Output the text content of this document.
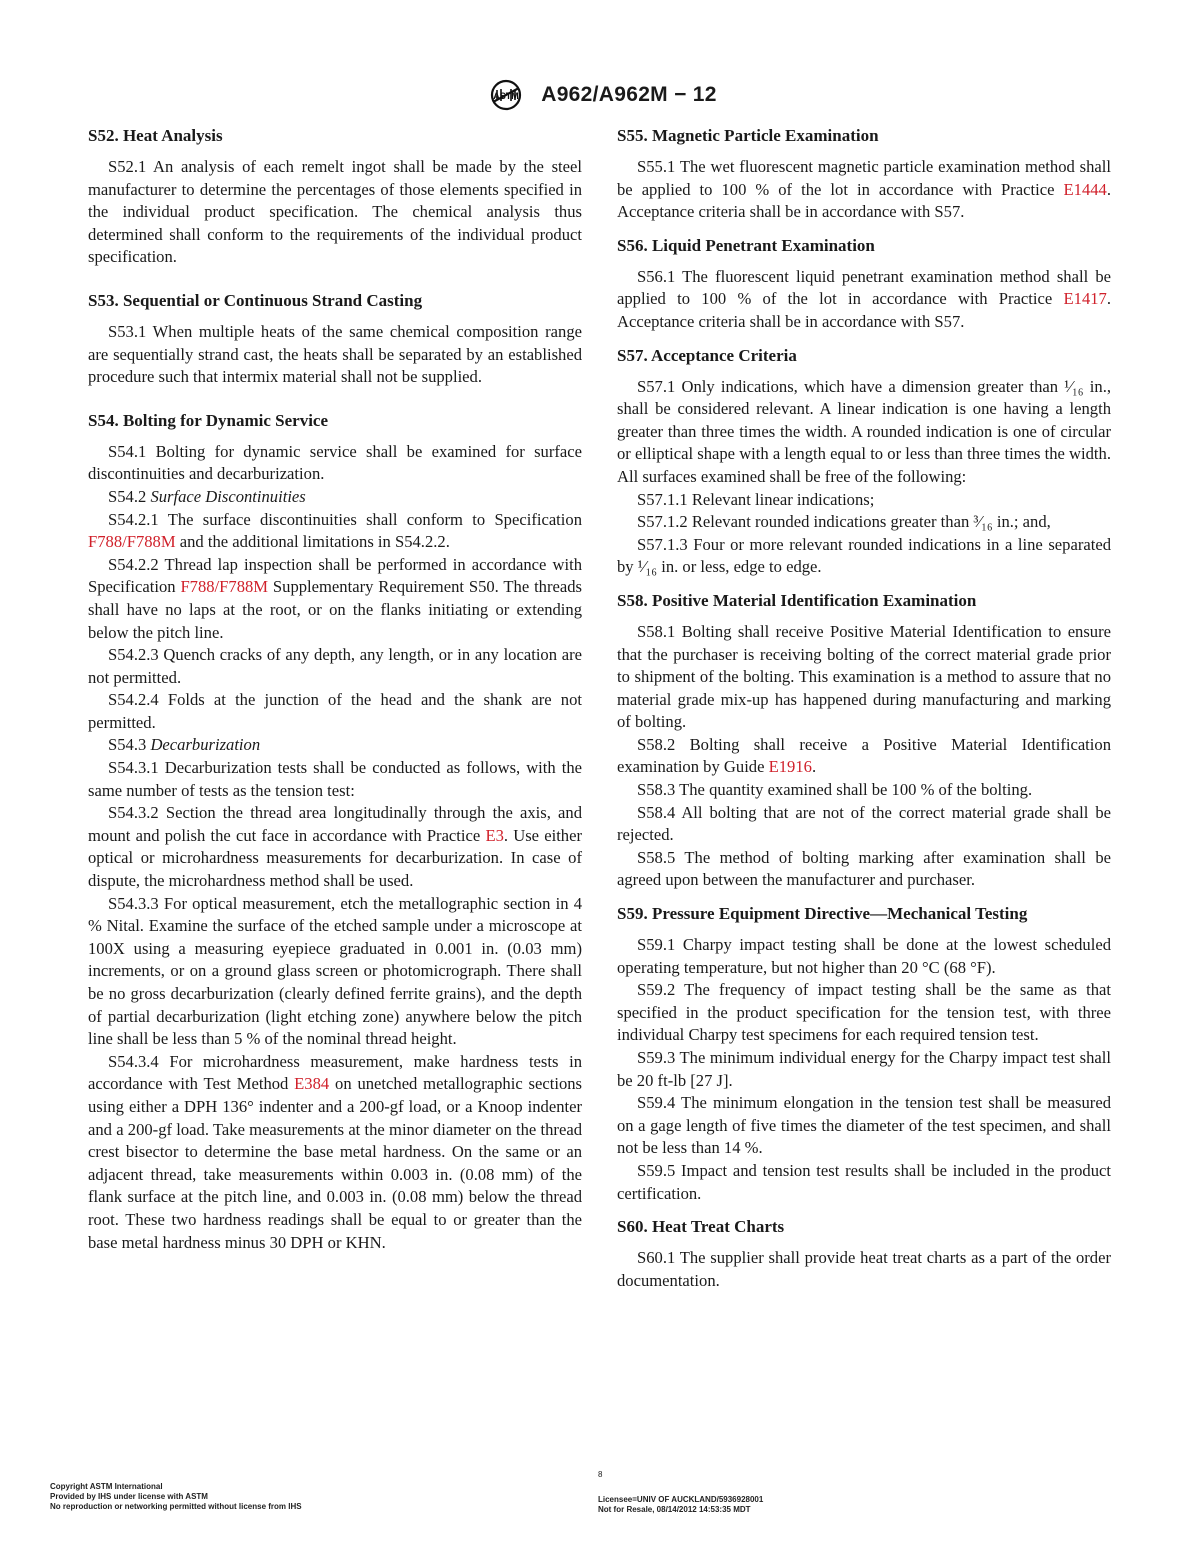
ASTM A962/A962M − 12
S52. Heat Analysis

S52.1 An analysis of each remelt ingot shall be made by the steel manufacturer to determine the percentages of those elements specified in the individual product specification. The chemical analysis thus determined shall conform to the requirements of the individual product specification.

S53. Sequential or Continuous Strand Casting

S53.1 When multiple heats of the same chemical composition range are sequentially strand cast, the heats shall be separated by an established procedure such that intermix material shall not be supplied.

S54. Bolting for Dynamic Service

S54.1 Bolting for dynamic service shall be examined for surface discontinuities and decarburization.

S54.2 Surface Discontinuities

S54.2.1 The surface discontinuities shall conform to Specification F788/F788M and the additional limitations in S54.2.2.

S54.2.2 Thread lap inspection shall be performed in accordance with Specification F788/F788M Supplementary Requirement S50. The threads shall have no laps at the root, or on the flanks initiating or extending below the pitch line.

S54.2.3 Quench cracks of any depth, any length, or in any location are not permitted.

S54.2.4 Folds at the junction of the head and the shank are not permitted.

S54.3 Decarburization

S54.3.1 Decarburization tests shall be conducted as follows, with the same number of tests as the tension test:

S54.3.2 Section the thread area longitudinally through the axis, and mount and polish the cut face in accordance with Practice E3. Use either optical or microhardness measurements for decarburization. In case of dispute, the microhardness method shall be used.

S54.3.3 For optical measurement, etch the metallographic section in 4 % Nital. Examine the surface of the etched sample under a microscope at 100X using a measuring eyepiece graduated in 0.001 in. (0.03 mm) increments, or on a ground glass screen or photomicrograph. There shall be no gross decarburization (clearly defined ferrite grains), and the depth of partial decarburization (light etching zone) anywhere below the pitch line shall be less than 5 % of the nominal thread height.

S54.3.4 For microhardness measurement, make hardness tests in accordance with Test Method E384 on unetched metallographic sections using either a DPH 136° indenter and a 200-gf load, or a Knoop indenter and a 200-gf load. Take measurements at the minor diameter on the thread crest bisector to determine the base metal hardness. On the same or an adjacent thread, take measurements within 0.003 in. (0.08 mm) of the flank surface at the pitch line, and 0.003 in. (0.08 mm) below the thread root. These two hardness readings shall be equal to or greater than the base metal hardness minus 30 DPH or KHN.

S55. Magnetic Particle Examination

S55.1 The wet fluorescent magnetic particle examination method shall be applied to 100 % of the lot in accordance with Practice E1444. Acceptance criteria shall be in accordance with S57.

S56. Liquid Penetrant Examination

S56.1 The fluorescent liquid penetrant examination method shall be applied to 100 % of the lot in accordance with Practice E1417. Acceptance criteria shall be in accordance with S57.

S57. Acceptance Criteria

S57.1 Only indications, which have a dimension greater than ¹⁄₁₆ in., shall be considered relevant. A linear indication is one having a length greater than three times the width. A rounded indication is one of circular or elliptical shape with a length equal to or less than three times the width. All surfaces examined shall be free of the following:

S57.1.1 Relevant linear indications;

S57.1.2 Relevant rounded indications greater than ³⁄₁₆ in.; and,

S57.1.3 Four or more relevant rounded indications in a line separated by ¹⁄₁₆ in. or less, edge to edge.

S58. Positive Material Identification Examination

S58.1 Bolting shall receive Positive Material Identification to ensure that the purchaser is receiving bolting of the correct material grade prior to shipment of the bolting. This examination is a method to assure that no material grade mix-up has happened during manufacturing and marking of bolting.

S58.2 Bolting shall receive a Positive Material Identification examination by Guide E1916.

S58.3 The quantity examined shall be 100 % of the bolting.

S58.4 All bolting that are not of the correct material grade shall be rejected.

S58.5 The method of bolting marking after examination shall be agreed upon between the manufacturer and purchaser.

S59. Pressure Equipment Directive—Mechanical Testing

S59.1 Charpy impact testing shall be done at the lowest scheduled operating temperature, but not higher than 20 °C (68 °F).

S59.2 The frequency of impact testing shall be the same as that specified in the product specification for the tension test, with three individual Charpy test specimens for each required tension test.

S59.3 The minimum individual energy for the Charpy impact test shall be 20 ft-lb [27 J].

S59.4 The minimum elongation in the tension test shall be measured on a gage length of five times the diameter of the test specimen, and shall not be less than 14 %.

S59.5 Impact and tension test results shall be included in the product certification.

S60. Heat Treat Charts

S60.1 The supplier shall provide heat treat charts as a part of the order documentation.

8
Copyright ASTM International
Provided by IHS under license with ASTM
No reproduction or networking permitted without license from IHS
Licensee=UNIV OF AUCKLAND/5936928001
Not for Resale, 08/14/2012 14:53:35 MDT
